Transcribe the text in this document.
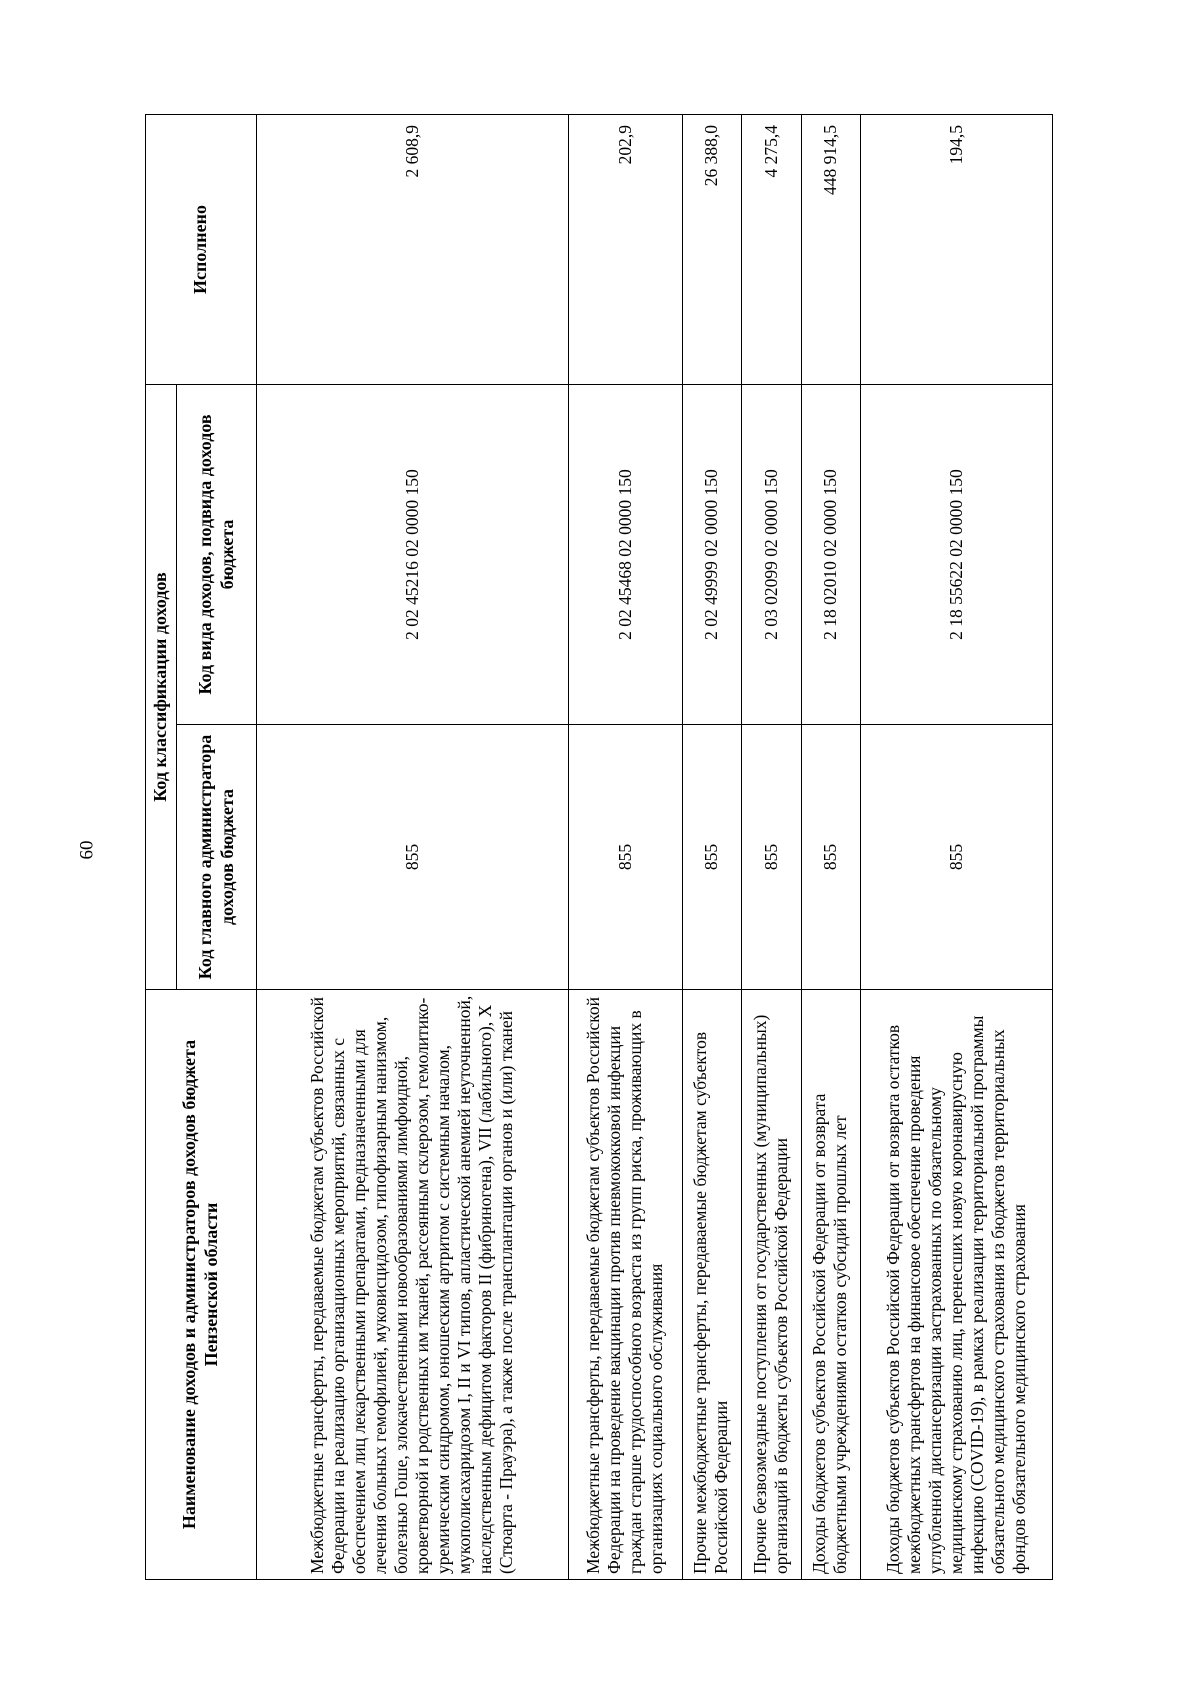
60
Наименование доходов и администраторов доходов бюджета Пензенской области	Код классификации доходов		Исполнено
	Код главного администратора доходов бюджета	Код вида доходов, подвида доходов бюджета	
Межбюджетные трансферты, передаваемые бюджетам субъектов Российской Федерации на реализацию организационных мероприятий, связанных с обеспечением лиц лекарственными препаратами, предназначенными для лечения больных гемофилией, муковисцидозом, гипофизарным нанизмом, болезнью Гоше, злокачественными новообразованиями лимфоидной, кроветворной и родственных им тканей, рассеянным склерозом, гемолитико-уремическим синдромом, юношеским артритом с системным началом, мукополисахаридозом I, II и VI типов, апластической анемией неуточненной, наследственным дефицитом факторов II (фибриногена), VII (лабильного), X (Стюарта - Прауэра), а также после трансплантации органов и (или) тканей	855	2 02 45216 02 0000 150	2 608,9
Межбюджетные трансферты, передаваемые бюджетам субъектов Российской Федерации на проведение вакцинации против пневмококковой инфекции граждан старше трудоспособного возраста из групп риска, проживающих в организациях социального обслуживания	855	2 02 45468 02 0000 150	202,9
Прочие межбюджетные трансферты, передаваемые бюджетам субъектов Российской Федерации	855	2 02 49999 02 0000 150	26 388,0
Прочие безвозмездные поступления от государственных (муниципальных) организаций в бюджеты субъектов Российской Федерации	855	2 03 02099 02 0000 150	4 275,4
Доходы бюджетов субъектов Российской Федерации от возврата бюджетными учреждениями остатков субсидий прошлых лет	855	2 18 02010 02 0000 150	448 914,5
Доходы бюджетов субъектов Российской Федерации от возврата остатков межбюджетных трансфертов на финансовое обеспечение проведения углубленной диспансеризации застрахованных по обязательному медицинскому страхованию лиц, перенесших новую коронавирусную инфекцию (COVID-19), в рамках реализации территориальной программы обязательного медицинского страхования из бюджетов территориальных фондов обязательного медицинского страхования	855	2 18 55622 02 0000 150	194,5
